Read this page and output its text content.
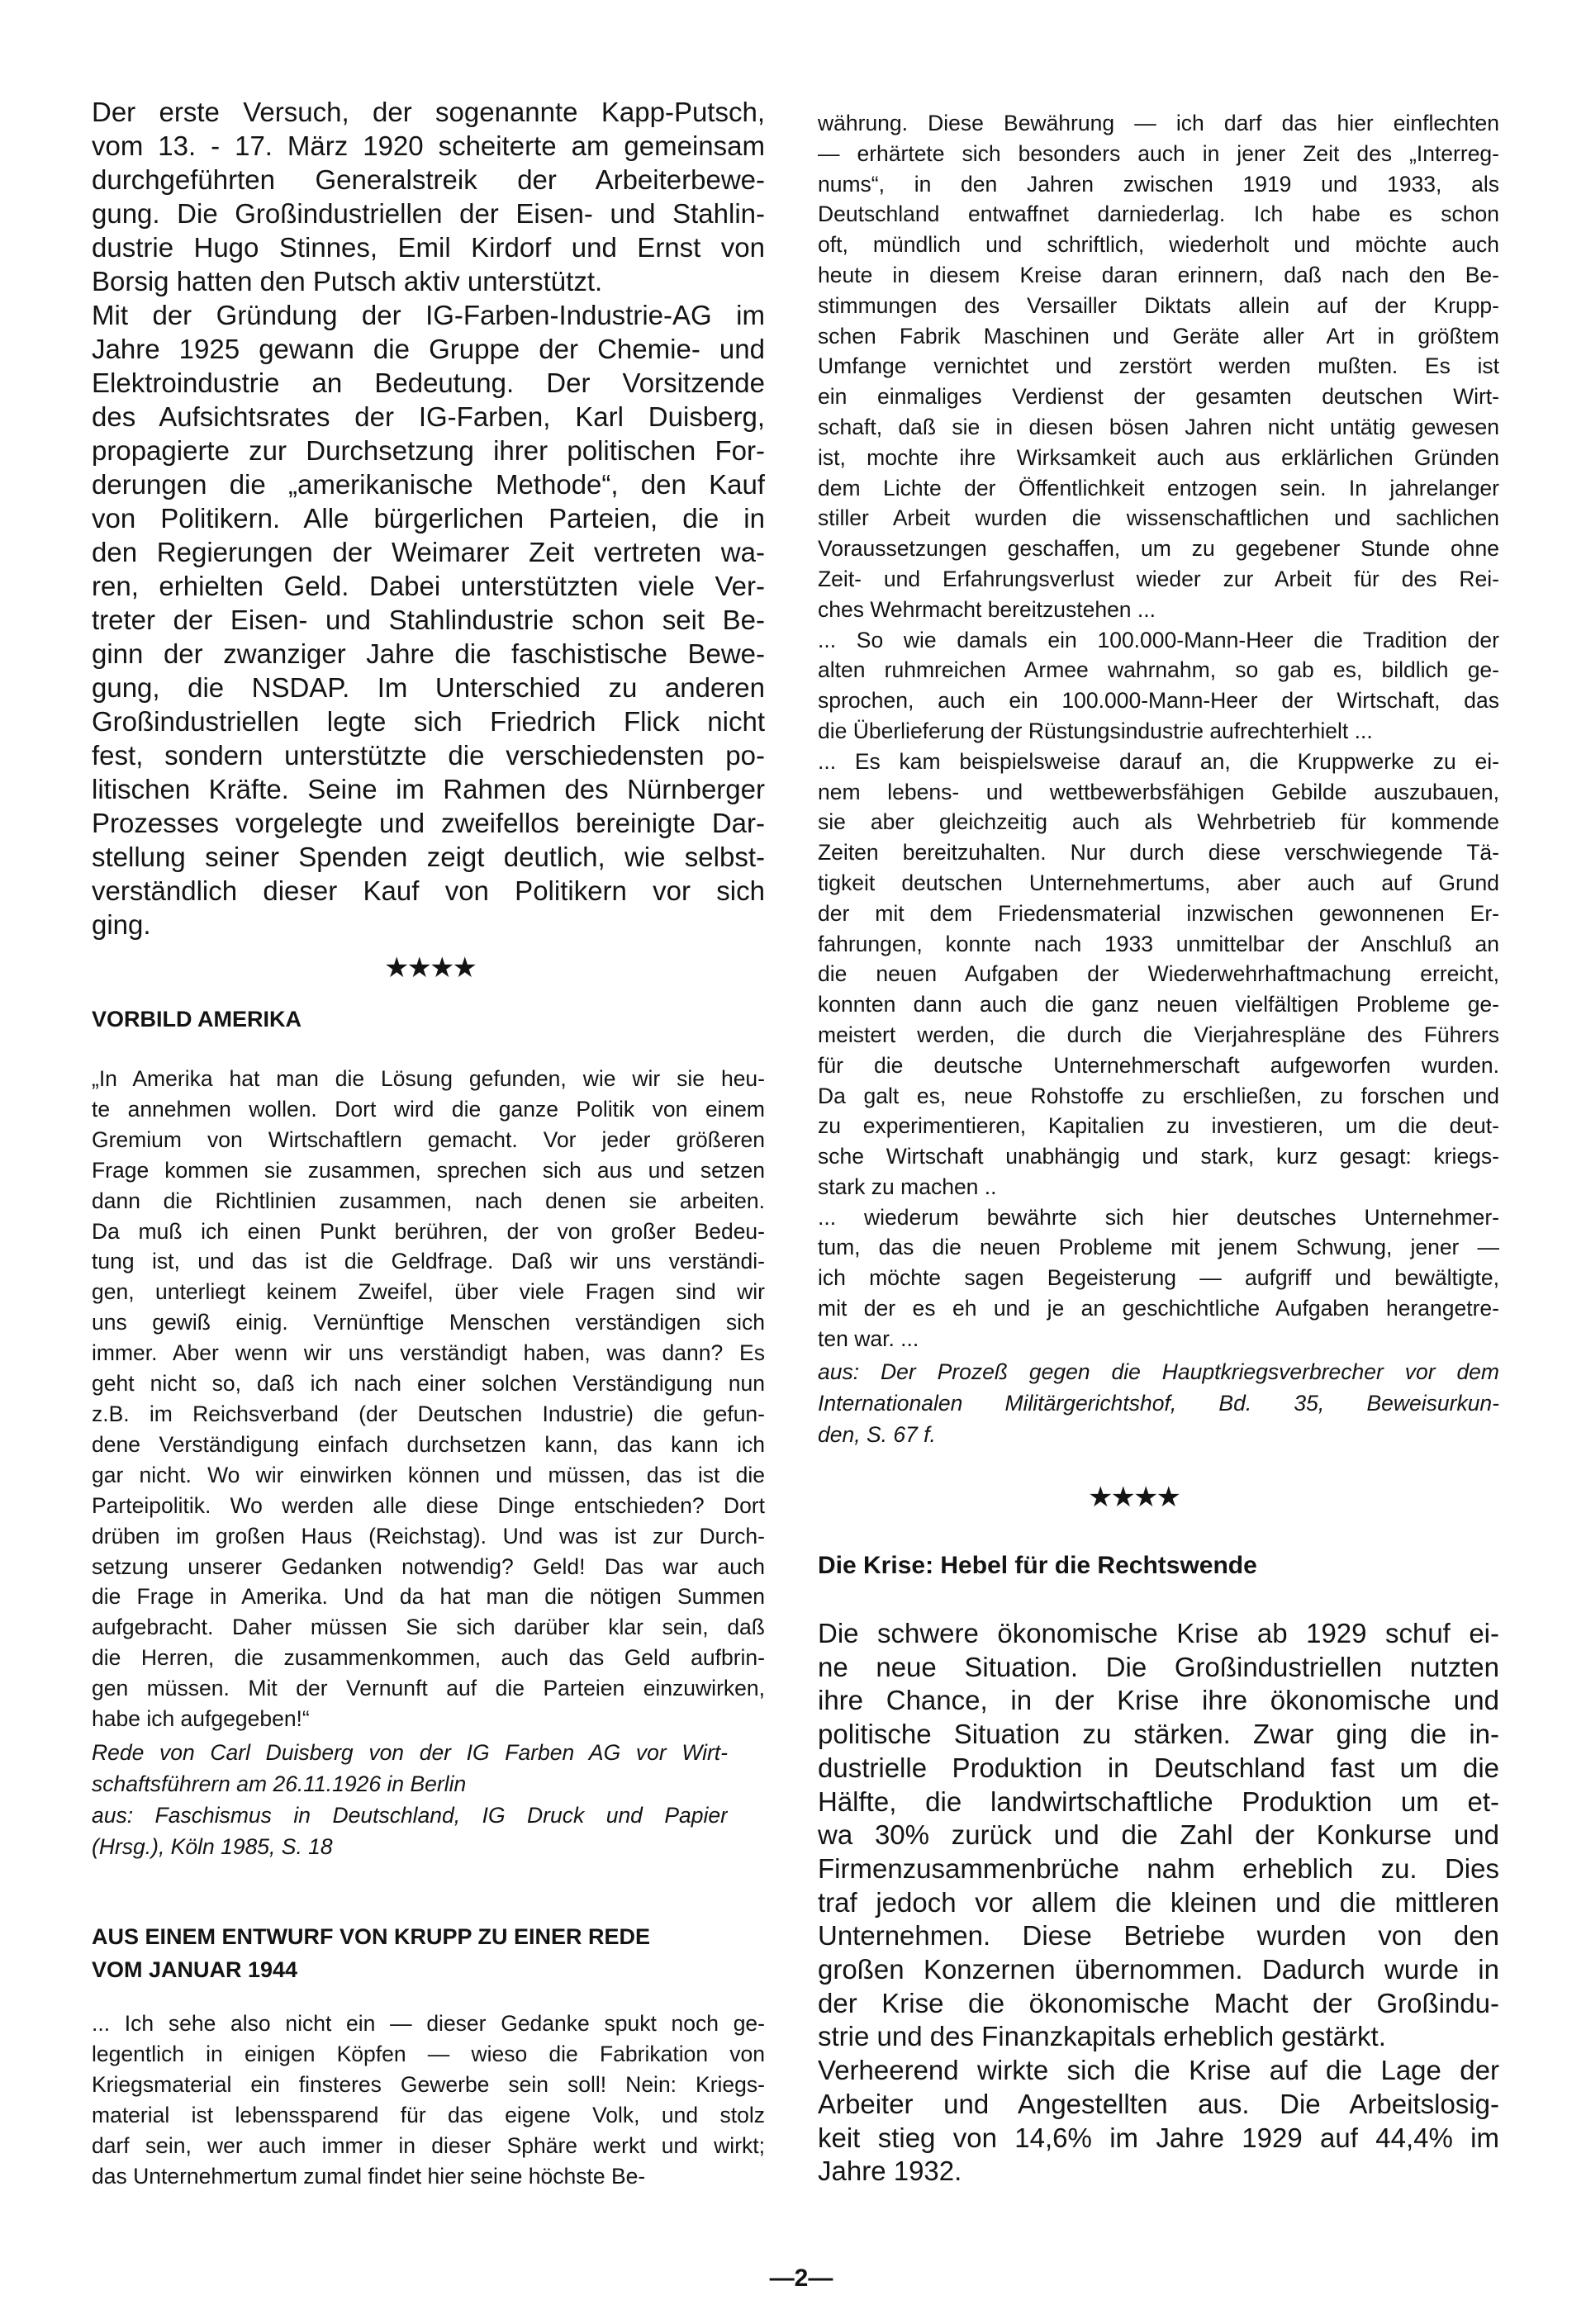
Der erste Versuch, der sogenannte Kapp-Putsch,
vom 13. - 17. März 1920 scheiterte am gemeinsam
durchgeführten Generalstreik der Arbeiterbewe-
gung. Die Großindustriellen der Eisen- und Stahlin-
dustrie Hugo Stinnes, Emil Kirdorf und Ernst von
Borsig hatten den Putsch aktiv unterstützt.
Mit der Gründung der IG-Farben-Industrie-AG im
Jahre 1925 gewann die Gruppe der Chemie- und
Elektroindustrie an Bedeutung. Der Vorsitzende
des Aufsichtsrates der IG-Farben, Karl Duisberg,
propagierte zur Durchsetzung ihrer politischen For-
derungen die „amerikanische Methode“, den Kauf
von Politikern. Alle bürgerlichen Parteien, die in
den Regierungen der Weimarer Zeit vertreten wa-
ren, erhielten Geld. Dabei unterstützten viele Ver-
treter der Eisen- und Stahlindustrie schon seit Be-
ginn der zwanziger Jahre die faschistische Bewe-
gung, die NSDAP. Im Unterschied zu anderen
Großindustriellen legte sich Friedrich Flick nicht
fest, sondern unterstützte die verschiedensten po-
litischen Kräfte. Seine im Rahmen des Nürnberger
Prozesses vorgelegte und zweifellos bereinigte Dar-
stellung seiner Spenden zeigt deutlich, wie selbst-
verständlich dieser Kauf von Politikern vor sich
ging.
★★★★
VORBILD AMERIKA
„In Amerika hat man die Lösung gefunden, wie wir sie heu-
te annehmen wollen. Dort wird die ganze Politik von einem
Gremium von Wirtschaftlern gemacht. Vor jeder größeren
Frage kommen sie zusammen, sprechen sich aus und setzen
dann die Richtlinien zusammen, nach denen sie arbeiten.
Da muß ich einen Punkt berühren, der von großer Bedeu-
tung ist, und das ist die Geldfrage. Daß wir uns verständi-
gen, unterliegt keinem Zweifel, über viele Fragen sind wir
uns gewiß einig. Vernünftige Menschen verständigen sich
immer. Aber wenn wir uns verständigt haben, was dann? Es
geht nicht so, daß ich nach einer solchen Verständigung nun
z.B. im Reichsverband (der Deutschen Industrie) die gefun-
dene Verständigung einfach durchsetzen kann, das kann ich
gar nicht. Wo wir einwirken können und müssen, das ist die
Parteipolitik. Wo werden alle diese Dinge entschieden? Dort
drüben im großen Haus (Reichstag). Und was ist zur Durch-
setzung unserer Gedanken notwendig? Geld! Das war auch
die Frage in Amerika. Und da hat man die nötigen Summen
aufgebracht. Daher müssen Sie sich darüber klar sein, daß
die Herren, die zusammenkommen, auch das Geld aufbrin-
gen müssen. Mit der Vernunft auf die Parteien einzuwirken,
habe ich aufgegeben!“
Rede von Carl Duisberg von der IG Farben AG vor Wirt-
schaftsführern am 26.11.1926 in Berlin
aus: Faschismus in Deutschland, IG Druck und Papier
(Hrsg.), Köln 1985, S. 18
AUS EINEM ENTWURF VON KRUPP ZU EINER REDE
VOM JANUAR 1944
... Ich sehe also nicht ein — dieser Gedanke spukt noch ge-
legentlich in einigen Köpfen — wieso die Fabrikation von
Kriegsmaterial ein finsteres Gewerbe sein soll! Nein: Kriegs-
material ist lebenssparend für das eigene Volk, und stolz
darf sein, wer auch immer in dieser Sphäre werkt und wirkt;
das Unternehmertum zumal findet hier seine höchste Be-
währung. Diese Bewährung — ich darf das hier einflechten
— erhärtete sich besonders auch in jener Zeit des „Interreg-
nums“, in den Jahren zwischen 1919 und 1933, als
Deutschland entwaffnet darniederlag. Ich habe es schon
oft, mündlich und schriftlich, wiederholt und möchte auch
heute in diesem Kreise daran erinnern, daß nach den Be-
stimmungen des Versailler Diktats allein auf der Krupp-
schen Fabrik Maschinen und Geräte aller Art in größtem
Umfange vernichtet und zerstört werden mußten. Es ist
ein einmaliges Verdienst der gesamten deutschen Wirt-
schaft, daß sie in diesen bösen Jahren nicht untätig gewesen
ist, mochte ihre Wirksamkeit auch aus erklärlichen Gründen
dem Lichte der Öffentlichkeit entzogen sein. In jahrelanger
stiller Arbeit wurden die wissenschaftlichen und sachlichen
Voraussetzungen geschaffen, um zu gegebener Stunde ohne
Zeit- und Erfahrungsverlust wieder zur Arbeit für des Rei-
ches Wehrmacht bereitzustehen ...
... So wie damals ein 100.000-Mann-Heer die Tradition der
alten ruhmreichen Armee wahrnahm, so gab es, bildlich ge-
sprochen, auch ein 100.000-Mann-Heer der Wirtschaft, das
die Überlieferung der Rüstungsindustrie aufrechterhielt ...
... Es kam beispielsweise darauf an, die Kruppwerke zu ei-
nem lebens- und wettbewerbsfähigen Gebilde auszubauen,
sie aber gleichzeitig auch als Wehrbetrieb für kommende
Zeiten bereitzuhalten. Nur durch diese verschwiegende Tä-
tigkeit deutschen Unternehmertums, aber auch auf Grund
der mit dem Friedensmaterial inzwischen gewonnenen Er-
fahrungen, konnte nach 1933 unmittelbar der Anschluß an
die neuen Aufgaben der Wiederwehrhaftmachung erreicht,
konnten dann auch die ganz neuen vielfältigen Probleme ge-
meistert werden, die durch die Vierjahrespläne des Führers
für die deutsche Unternehmerschaft aufgeworfen wurden.
Da galt es, neue Rohstoffe zu erschließen, zu forschen und
zu experimentieren, Kapitalien zu investieren, um die deut-
sche Wirtschaft unabhängig und stark, kurz gesagt: kriegs-
stark zu machen ..
... wiederum bewährte sich hier deutsches Unternehmer-
tum, das die neuen Probleme mit jenem Schwung, jener —
ich möchte sagen Begeisterung — aufgriff und bewältigte,
mit der es eh und je an geschichtliche Aufgaben herangetre-
ten war. ...
aus: Der Prozeß gegen die Hauptkriegsverbrecher vor dem
Internationalen Militärgerichtshof, Bd. 35, Beweisurkun-
den, S. 67 f.
★★★★
Die Krise: Hebel für die Rechtswende
Die schwere ökonomische Krise ab 1929 schuf ei-
ne neue Situation. Die Großindustriellen nutzten
ihre Chance, in der Krise ihre ökonomische und
politische Situation zu stärken. Zwar ging die in-
dustrielle Produktion in Deutschland fast um die
Hälfte, die landwirtschaftliche Produktion um et-
wa 30% zurück und die Zahl der Konkurse und
Firmenzusammenbrüche nahm erheblich zu. Dies
traf jedoch vor allem die kleinen und die mittleren
Unternehmen. Diese Betriebe wurden von den
großen Konzernen übernommen. Dadurch wurde in
der Krise die ökonomische Macht der Großindu-
strie und des Finanzkapitals erheblich gestärkt.
Verheerend wirkte sich die Krise auf die Lage der
Arbeiter und Angestellten aus. Die Arbeitslosig-
keit stieg von 14,6% im Jahre 1929 auf 44,4% im
Jahre 1932.
—2—
